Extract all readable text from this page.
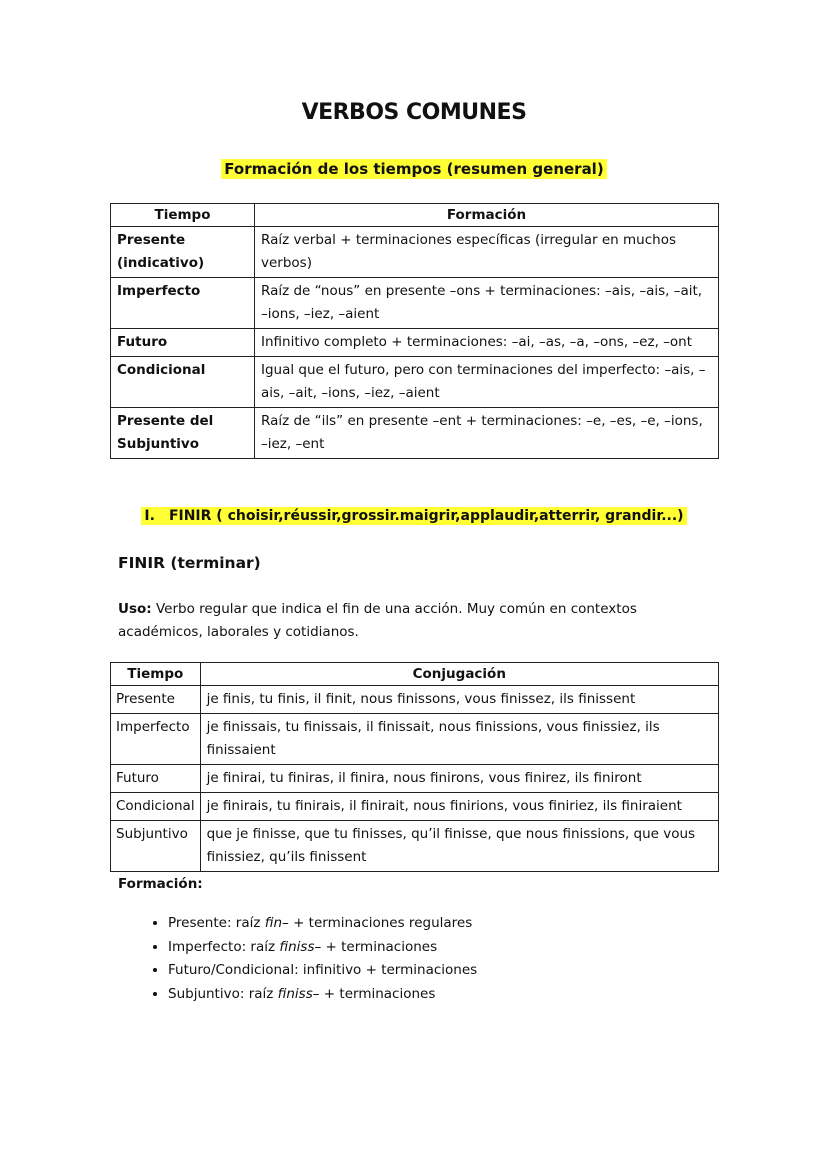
VERBOS COMUNES
Formación de los tiempos (resumen general)
Tiempo	Formación
Presente (indicativo)	Raíz verbal + terminaciones específicas (irregular en muchos verbos)
Imperfecto	Raíz de “nous” en presente –ons + terminaciones: –ais, –ais, –ait, –ions, –iez, –aient
Futuro	Infinitivo completo + terminaciones: –ai, –as, –a, –ons, –ez, –ont
Condicional	Igual que el futuro, pero con terminaciones del imperfecto: –ais, –ais, –ait, –ions, –iez, –aient
Presente del Subjuntivo	Raíz de “ils” en presente –ent + terminaciones: –e, –es, –e, –ions, –iez, –ent
I. FINIR ( choisir,réussir,grossir.maigrir,applaudir,atterrir, grandir...)
FINIR (terminar)
Uso: Verbo regular que indica el fin de una acción. Muy común en contextos académicos, laborales y cotidianos.
Tiempo	Conjugación
Presente	je finis, tu finis, il finit, nous finissons, vous finissez, ils finissent
Imperfecto	je finissais, tu finissais, il finissait, nous finissions, vous finissiez, ils finissaient
Futuro	je finirai, tu finiras, il finira, nous finirons, vous finirez, ils finiront
Condicional	je finirais, tu finirais, il finirait, nous finirions, vous finiriez, ils finiraient
Subjuntivo	que je finisse, que tu finisses, qu’il finisse, que nous finissions, que vous finissiez, qu’ils finissent
Formación:
• Presente: raíz fin– + terminaciones regulares
• Imperfecto: raíz finiss– + terminaciones
• Futuro/Condicional: infinitivo + terminaciones
• Subjuntivo: raíz finiss– + terminaciones
